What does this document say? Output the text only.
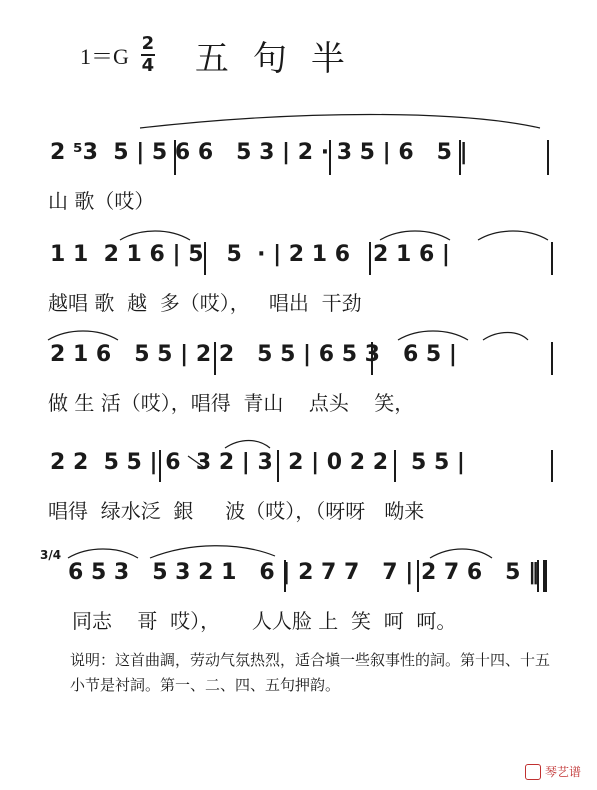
1＝G 2
4 五句半
2 ⁵3  5 | 5 6 6   5 3 | 2 · 3 5 | 6   5 |
山 歌（哎）
1 1  2 1 6 | 5   5  · | 2 1 6   2 1 6 |
越唱 歌  越  多（哎），   唱出  干劲
2 1 6   5 5 | 2 2   5 5 | 6 5 3   6 5 |
做 生 活（哎），唱得  青山    点头    笑，
2 2  5 5 | 6  3 2 | 3  2 | 0 2 2   5 5 |
唱得  绿水泛  銀     波（哎），（呀呀   呦来
3/4
6 5 3   5 3 2 1   6 | 2 7 7   7 | 2 7 6   5 ‖
同志    哥  哎），     人人脸 上  笑  呵  呵。
说明：这首曲調，劳动气氛热烈，适合塡一些叙事性的詞。第十四、十五小节是衬詞。第一、二、四、五句押韵。
琴艺谱
